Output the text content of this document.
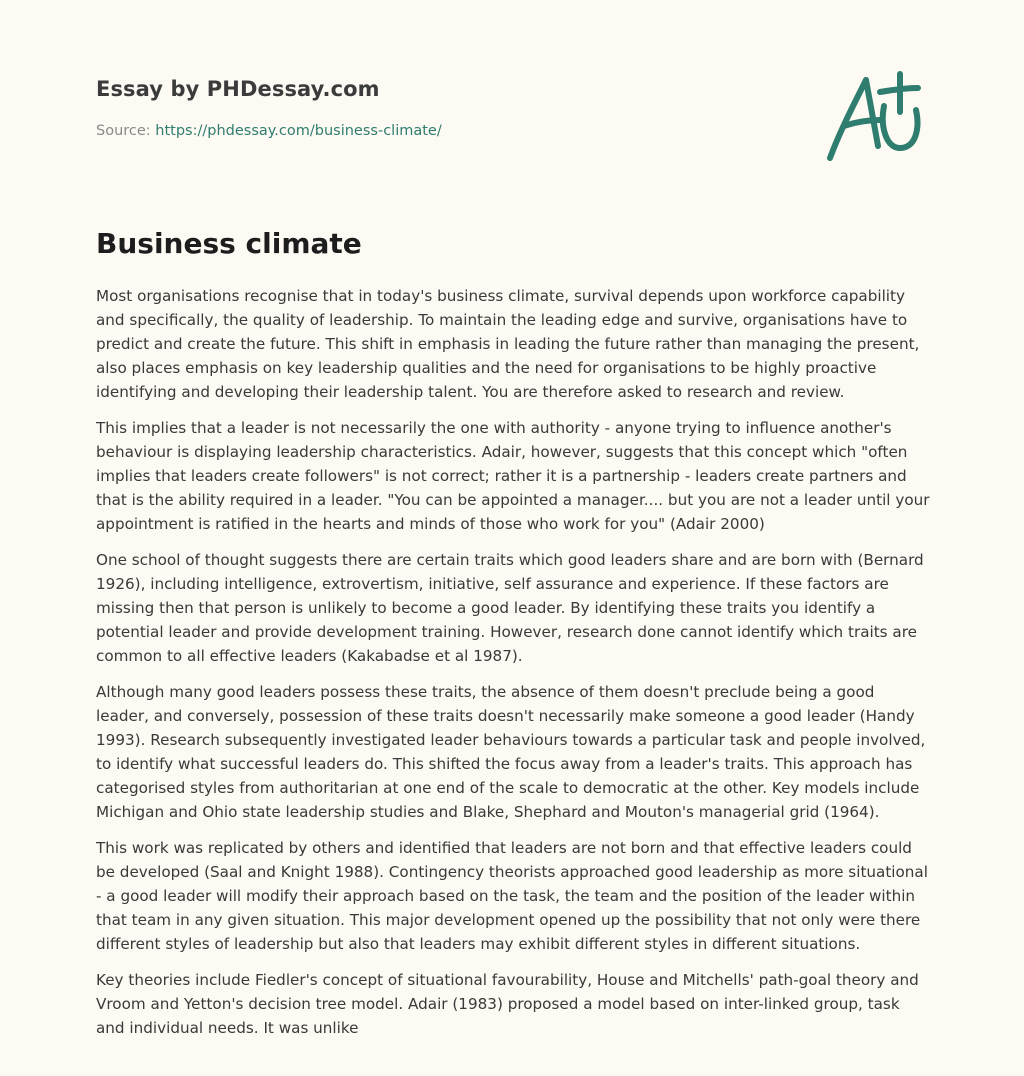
Essay by PHDessay.com
Source: https://phdessay.com/business-climate/
Business climate

Most organisations recognise that in today's business climate, survival depends upon workforce capability and specifically, the quality of leadership. To maintain the leading edge and survive, organisations have to predict and create the future. This shift in emphasis in leading the future rather than managing the present, also places emphasis on key leadership qualities and the need for organisations to be highly proactive identifying and developing their leadership talent. You are therefore asked to research and review.

This implies that a leader is not necessarily the one with authority - anyone trying to influence another's behaviour is displaying leadership characteristics. Adair, however, suggests that this concept which "often implies that leaders create followers" is not correct; rather it is a partnership - leaders create partners and that is the ability required in a leader. "You can be appointed a manager.... but you are not a leader until your appointment is ratified in the hearts and minds of those who work for you" (Adair 2000)

One school of thought suggests there are certain traits which good leaders share and are born with (Bernard 1926), including intelligence, extrovertism, initiative, self assurance and experience. If these factors are missing then that person is unlikely to become a good leader. By identifying these traits you identify a potential leader and provide development training. However, research done cannot identify which traits are common to all effective leaders (Kakabadse et al 1987).

Although many good leaders possess these traits, the absence of them doesn't preclude being a good leader, and conversely, possession of these traits doesn't necessarily make someone a good leader (Handy 1993). Research subsequently investigated leader behaviours towards a particular task and people involved, to identify what successful leaders do. This shifted the focus away from a leader's traits. This approach has categorised styles from authoritarian at one end of the scale to democratic at the other. Key models include Michigan and Ohio state leadership studies and Blake, Shephard and Mouton's managerial grid (1964).

This work was replicated by others and identified that leaders are not born and that effective leaders could be developed (Saal and Knight 1988). Contingency theorists approached good leadership as more situational - a good leader will modify their approach based on the task, the team and the position of the leader within that team in any given situation. This major development opened up the possibility that not only were there different styles of leadership but also that leaders may exhibit different styles in different situations.

Key theories include Fiedler's concept of situational favourability, House and Mitchells' path-goal theory and Vroom and Yetton's decision tree model. Adair (1983) proposed a model based on inter-linked group, task and individual needs. It was unlike
